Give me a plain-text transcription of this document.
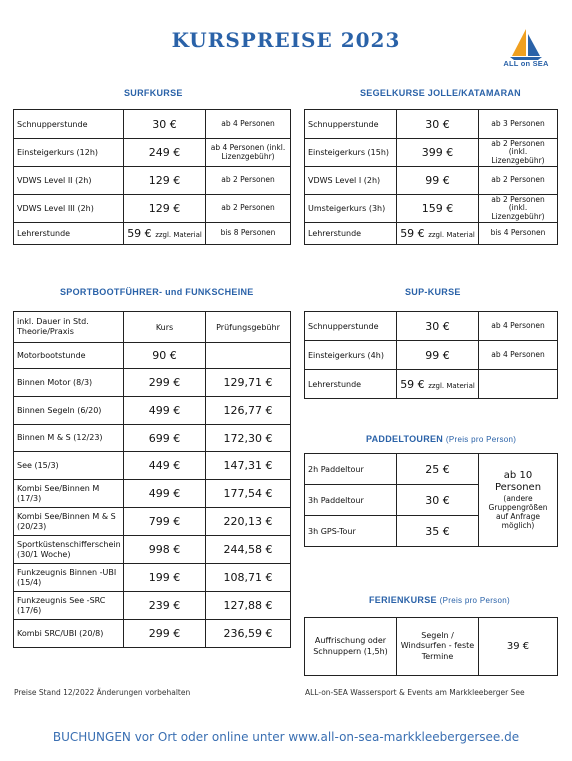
KURSPREISE 2023
ALL on SEA
SURFKURSE
Schnupperstunde	30 €	ab 4 Personen
Einsteigerkurs (12h)	249 €	ab 4 Personen (inkl. Lizenzgebühr)
VDWS Level II (2h)	129 €	ab 2 Personen
VDWS Level III (2h)	129 €	ab 2 Personen
Lehrerstunde	59 € zzgl. Material	bis 8 Personen
SEGELKURSE JOLLE/KATAMARAN
Schnupperstunde	30 €	ab 3 Personen
Einsteigerkurs (15h)	399 €	ab 2 Personen (inkl. Lizenzgebühr)
VDWS Level I (2h)	99 €	ab 2 Personen
Umsteigerkurs (3h)	159 €	ab 2 Personen (inkl. Lizenzgebühr)
Lehrerstunde	59 € zzgl. Material	bis 4 Personen
SPORTBOOTFÜHRER- und FUNKSCHEINE
inkl. Dauer in Std. Theorie/Praxis	Kurs	Prüfungsgebühr
Motorbootstunde	90 €	
Binnen Motor (8/3)	299 €	129,71 €
Binnen Segeln (6/20)	499 €	126,77 €
Binnen M & S (12/23)	699 €	172,30 €
See (15/3)	449 €	147,31 €
Kombi See/Binnen M (17/3)	499 €	177,54 €
Kombi See/Binnen M & S (20/23)	799 €	220,13 €
Sportküstenschifferschein (30/1 Woche)	998 €	244,58 €
Funkzeugnis Binnen -UBI (15/4)	199 €	108,71 €
Funkzeugnis See -SRC (17/6)	239 €	127,88 €
Kombi SRC/UBI (20/8)	299 €	236,59 €
SUP-KURSE
Schnupperstunde	30 €	ab 4 Personen
Einsteigerkurs (4h)	99 €	ab 4 Personen
Lehrerstunde	59 € zzgl. Material	
PADDELTOUREN (Preis pro Person)
2h Paddeltour	25 €	ab 10 Personen
(andere Gruppengrößen auf Anfrage möglich)

3h Paddeltour	30 €	
3h GPS-Tour	35 €	
FERIENKURSE (Preis pro Person)
Auffrischung oder Schnuppern (1,5h)	Segeln / Windsurfen - feste Termine	39 €
Preise Stand 12/2022 Änderungen vorbehalten	ALL-on-SEA Wassersport & Events am Markkleeberger See
BUCHUNGEN vor Ort oder online unter www.all-on-sea-markkleebergersee.de
